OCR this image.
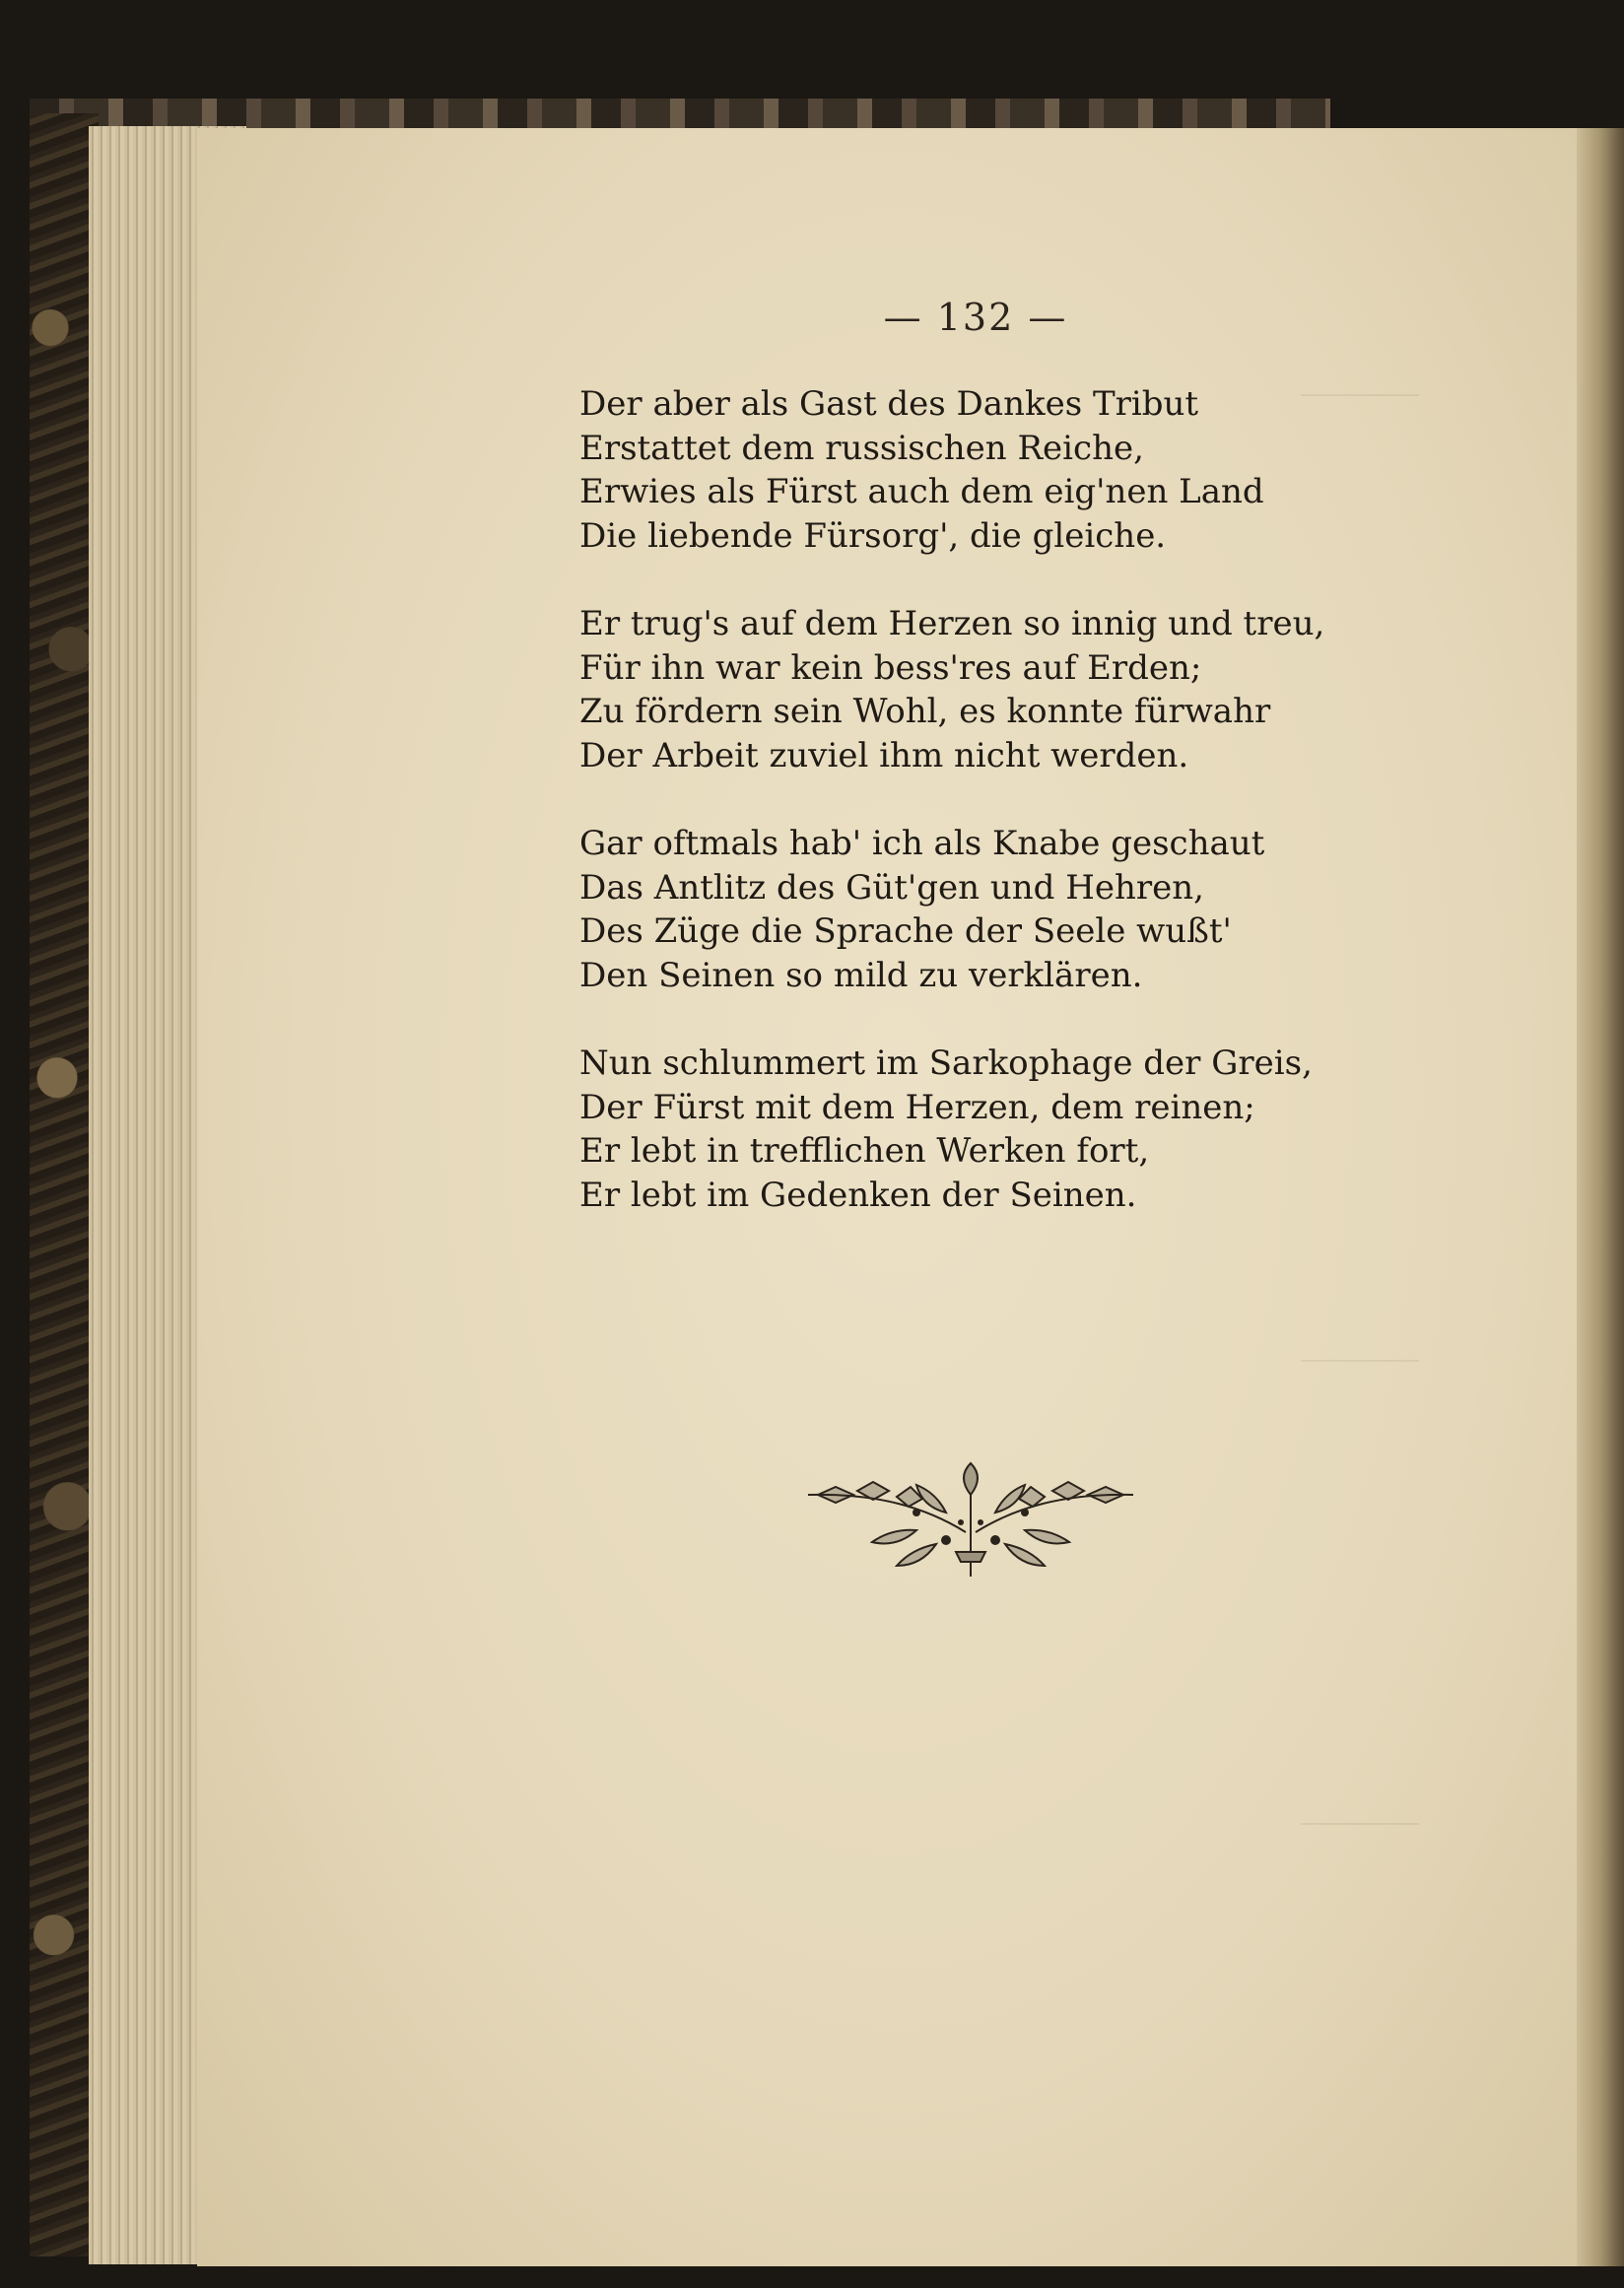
— 132 —
Der aber als Gast des Dankes Tribut
Erstattet dem russischen Reiche,
Erwies als Fürst auch dem eig'nen Land
Die liebende Fürsorg', die gleiche.
Er trug's auf dem Herzen so innig und treu,
Für ihn war kein bess'res auf Erden;
Zu fördern sein Wohl, es konnte fürwahr
Der Arbeit zuviel ihm nicht werden.
Gar oftmals hab' ich als Knabe geschaut
Das Antlitz des Güt'gen und Hehren,
Des Züge die Sprache der Seele wußt'
Den Seinen so mild zu verklären.
Nun schlummert im Sarkophage der Greis,
Der Fürst mit dem Herzen, dem reinen;
Er lebt in trefflichen Werken fort,
Er lebt im Gedenken der Seinen.
